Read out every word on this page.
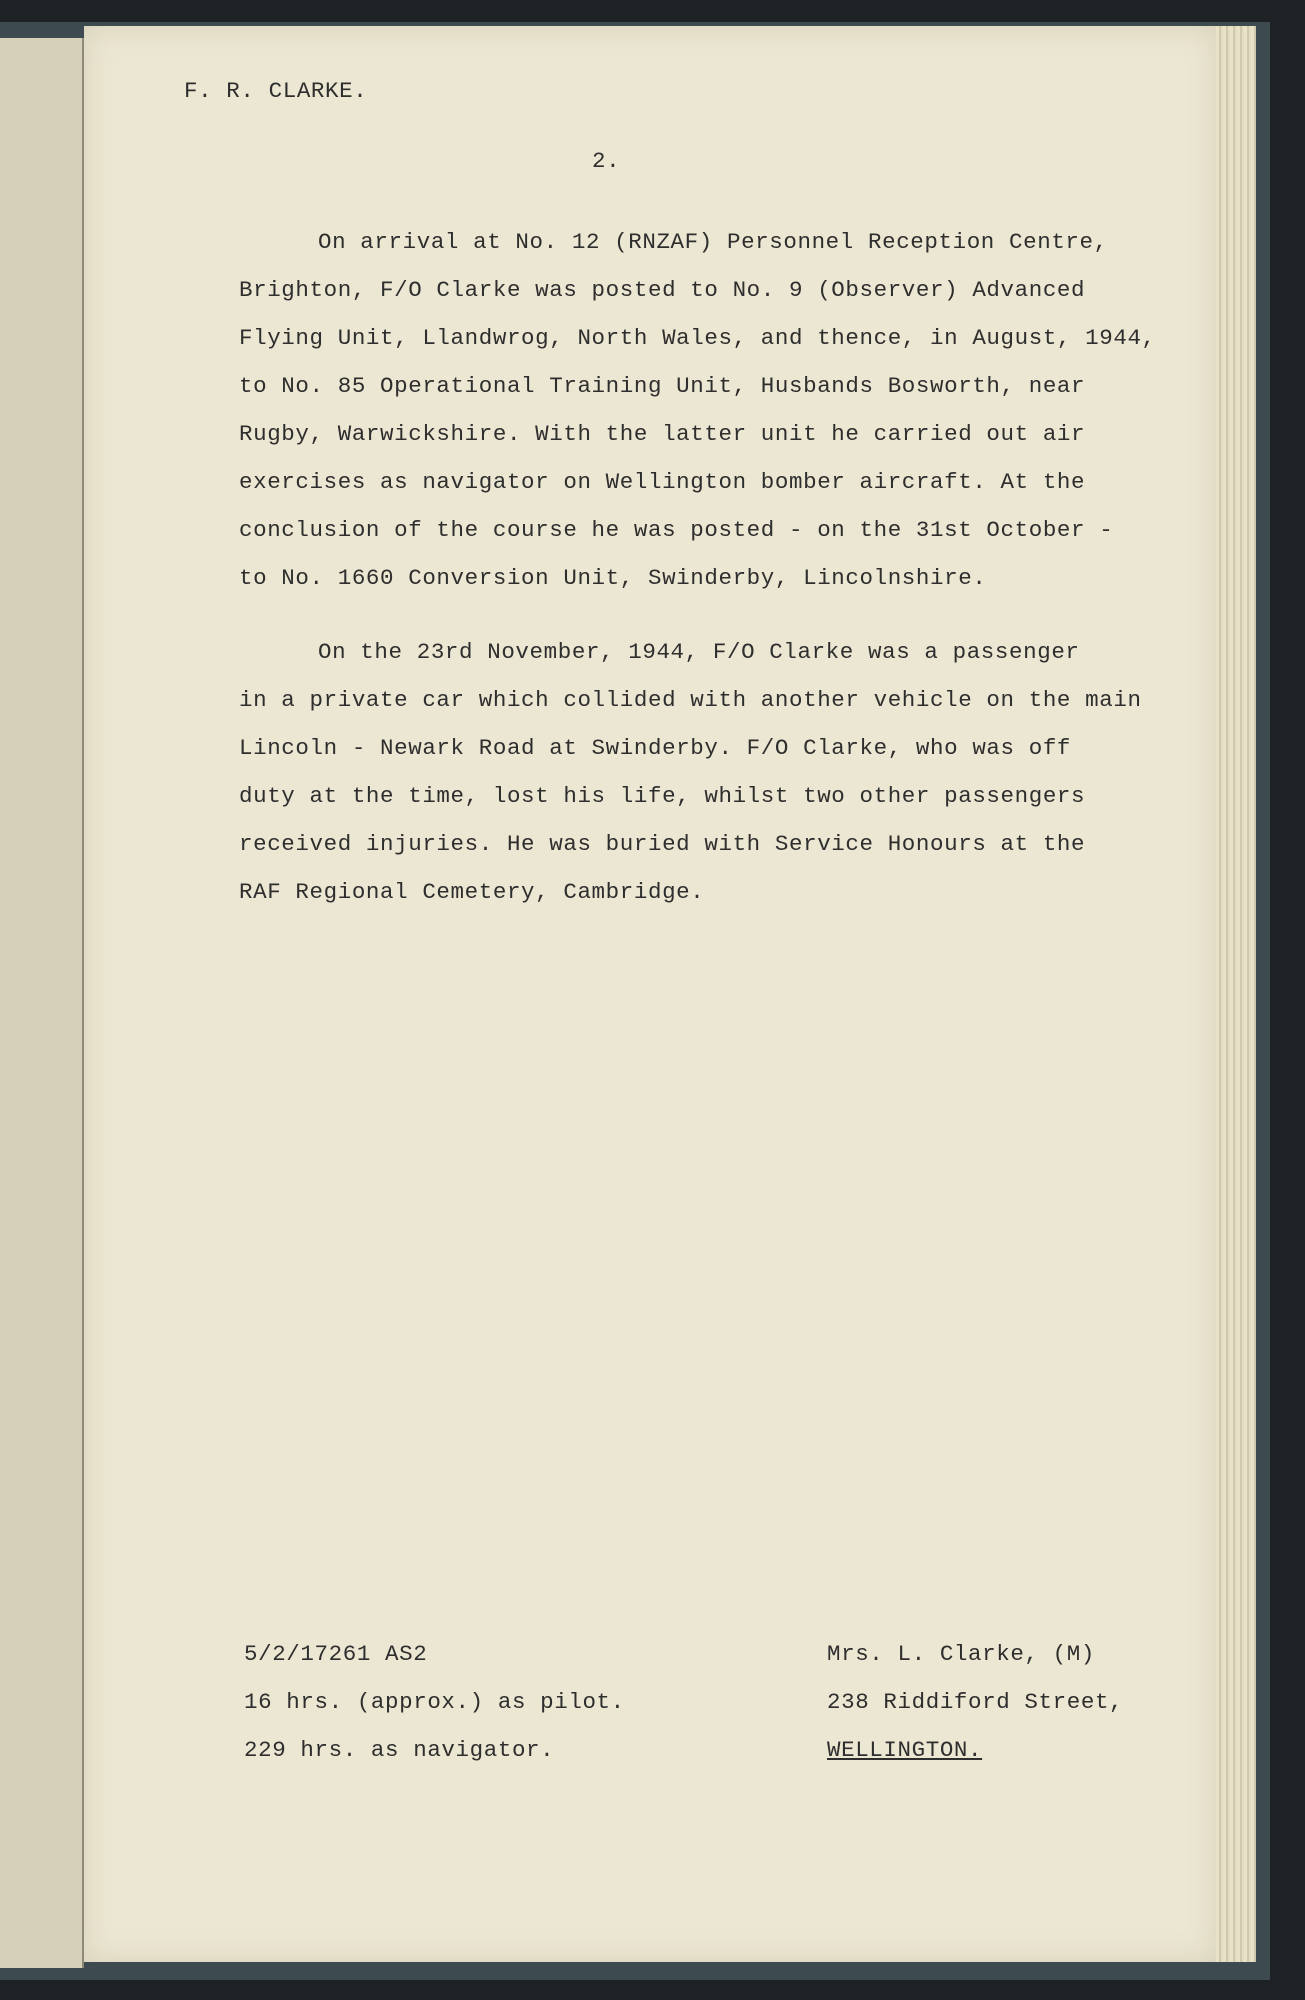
F. R. CLARKE.
2.
On arrival at No. 12 (RNZAF) Personnel Reception Centre,
Brighton, F/O Clarke was posted to No. 9 (Observer) Advanced
Flying Unit, Llandwrog, North Wales, and thence, in August, 1944,
to No. 85 Operational Training Unit, Husbands Bosworth, near
Rugby, Warwickshire. With the latter unit he carried out air
exercises as navigator on Wellington bomber aircraft. At the
conclusion of the course he was posted - on the 31st October -
to No. 1660 Conversion Unit, Swinderby, Lincolnshire.
On the 23rd November, 1944, F/O Clarke was a passenger
in a private car which collided with another vehicle on the main
Lincoln - Newark Road at Swinderby. F/O Clarke, who was off
duty at the time, lost his life, whilst two other passengers
received injuries. He was buried with Service Honours at the
RAF Regional Cemetery, Cambridge.
5/2/17261 AS2
16 hrs. (approx.) as pilot.
229 hrs. as navigator.
Mrs. L. Clarke, (M)
238 Riddiford Street,
WELLINGTON.
